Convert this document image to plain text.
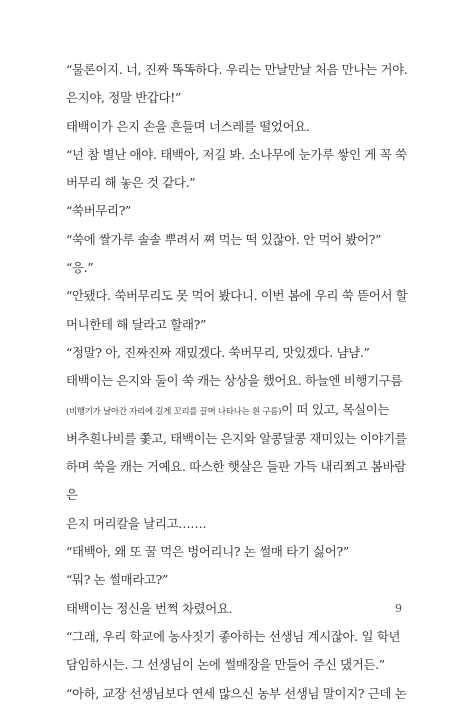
“물론이지. 너, 진짜 똑똑하다. 우리는 만날만날 처음 만나는 거야.
은지야, 정말 반갑다!”

태백이가 은지 손을 흔들며 너스레를 떨었어요.

“넌 참 별난 애야. 태백아, 저길 봐. 소나무에 눈가루 쌓인 게 꼭 쑥
버무리 해 놓은 것 같다.”

“쑥버무리?”

“쑥에 쌀가루 솔솔 뿌려서 쪄 먹는 떡 있잖아. 안 먹어 봤어?”

“응.”

“안됐다. 쑥버무리도 못 먹어 봤다니. 이번 봄에 우리 쑥 뜯어서 할
머니한테 해 달라고 할래?”

“정말? 아, 진짜진짜 재밌겠다. 쑥버무리, 맛있겠다. 냠냠.”

태백이는 은지와 둘이 쑥 캐는 상상을 했어요. 하늘엔 비행기구름

(비행기가 날아간 자리에 길게 꼬리를 끌며 나타나는 흰 구름)이 떠 있고, 목실이는
벼추흰나비를 쫓고, 태백이는 은지와 알콩달콩 재미있는 이야기를
하며 쑥을 캐는 거예요. 따스한 햇살은 들판 가득 내리쬐고 봄바람은
은지 머리칼을 날리고…….

“태백아, 왜 또 꿀 먹은 벙어리니? 논 썰매 타기 싫어?”

“뭐? 논 썰매라고?”

태백이는 정신을 번쩍 차렸어요.

“그래, 우리 학교에 농사짓기 좋아하는 선생님 계시잖아. 일 학년
담임하시는. 그 선생님이 논에 썰매장을 만들어 주신 댔거든.”

“아하, 교장 선생님보다 연세 많으신 농부 선생님 말이지? 근데 논

9
